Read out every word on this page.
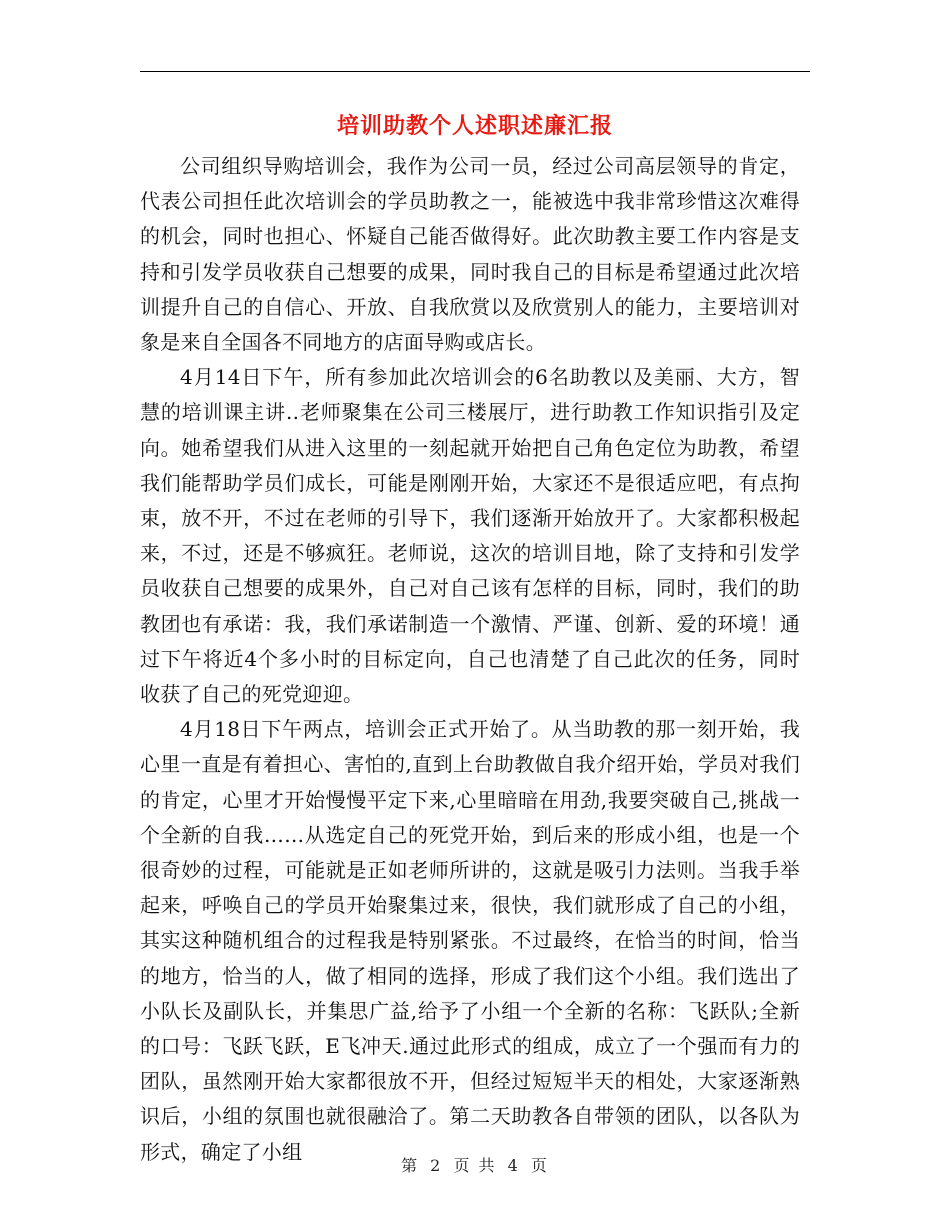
培训助教个人述职述廉汇报

公司组织导购培训会，我作为公司一员，经过公司高层领导的肯定，代表公司担任此次培训会的学员助教之一，能被选中我非常珍惜这次难得的机会，同时也担心、怀疑自己能否做得好。此次助教主要工作内容是支持和引发学员收获自己想要的成果，同时我自己的目标是希望通过此次培训提升自己的自信心、开放、自我欣赏以及欣赏别人的能力，主要培训对象是来自全国各不同地方的店面导购或店长。

4月14日下午，所有参加此次培训会的6名助教以及美丽、大方，智慧的培训课主讲..老师聚集在公司三楼展厅，进行助教工作知识指引及定向。她希望我们从进入这里的一刻起就开始把自己角色定位为助教，希望我们能帮助学员们成长，可能是刚刚开始，大家还不是很适应吧，有点拘束，放不开，不过在老师的引导下，我们逐渐开始放开了。大家都积极起来，不过，还是不够疯狂。老师说，这次的培训目地，除了支持和引发学员收获自己想要的成果外，自己对自己该有怎样的目标，同时，我们的助教团也有承诺：我，我们承诺制造一个激情、严谨、创新、爱的环境！通过下午将近4个多小时的目标定向，自己也清楚了自己此次的任务，同时收获了自己的死党迎迎。

4月18日下午两点，培训会正式开始了。从当助教的那一刻开始，我心里一直是有着担心、害怕的,直到上台助教做自我介绍开始，学员对我们的肯定，心里才开始慢慢平定下来,心里暗暗在用劲,我要突破自己,挑战一个全新的自我……从选定自己的死党开始，到后来的形成小组，也是一个很奇妙的过程，可能就是正如老师所讲的，这就是吸引力法则。当我手举起来，呼唤自己的学员开始聚集过来，很快，我们就形成了自己的小组，其实这种随机组合的过程我是特别紧张。不过最终，在恰当的时间，恰当的地方，恰当的人，做了相同的选择，形成了我们这个小组。我们选出了小队长及副队长，并集思广益,给予了小组一个全新的名称：飞跃队;全新的口号：飞跃飞跃，E飞冲天.通过此形式的组成，成立了一个强而有力的团队，虽然刚开始大家都很放不开，但经过短短半天的相处，大家逐渐熟识后，小组的氛围也就很融洽了。第二天助教各自带领的团队，以各队为形式，确定了小组

第 2 页 共 4 页
